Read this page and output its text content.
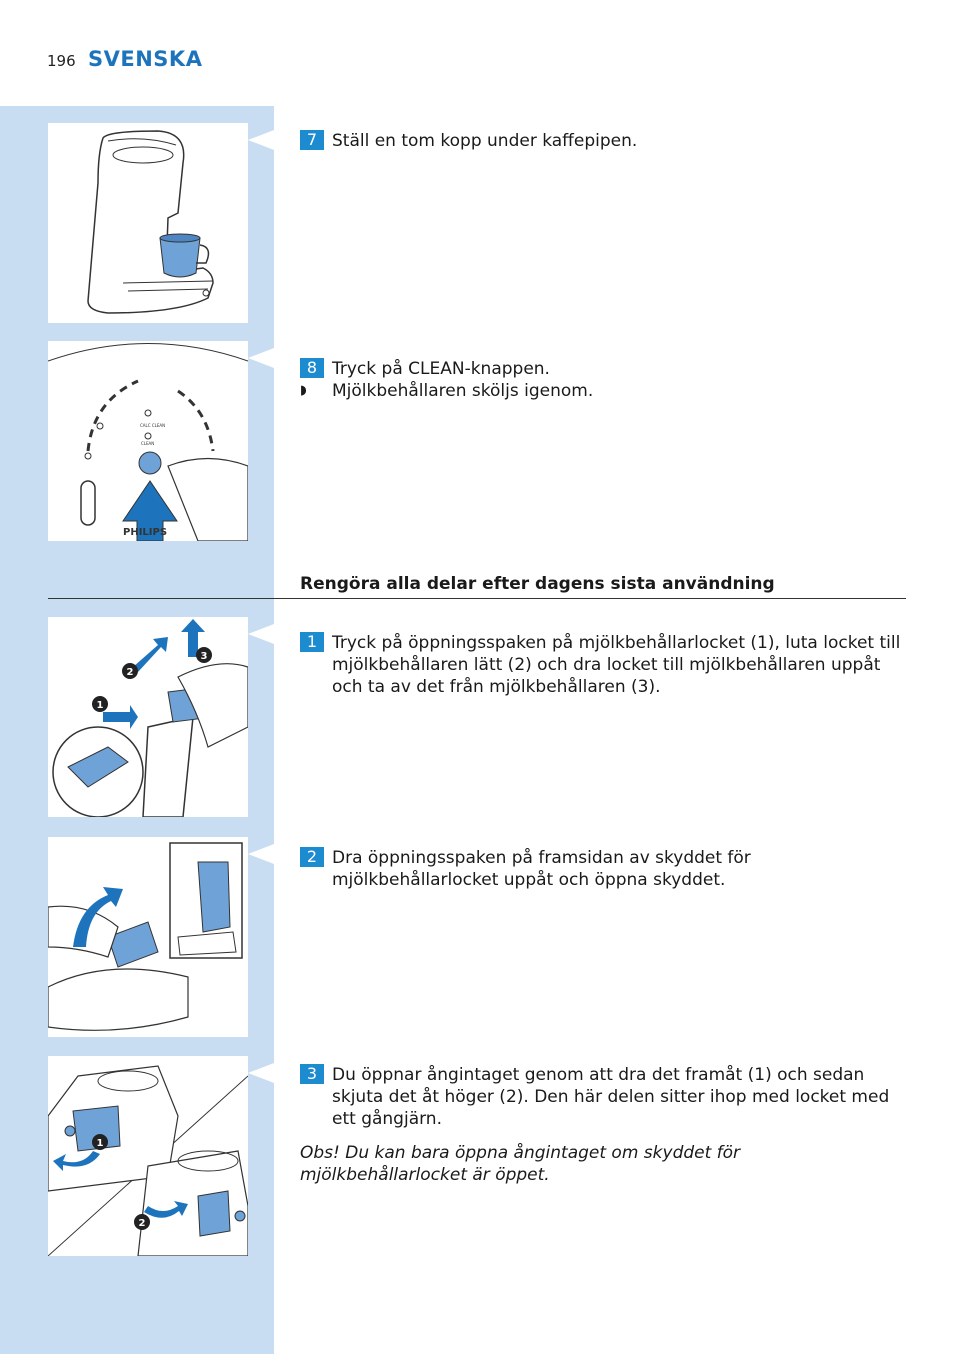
196 SVENSKA
CALC CLEAN
CLEAN
PHILIPS
7 Ställ en tom kopp under kaffepipen.
8 Tryck på CLEAN-knappen.
◗ Mjölkbehållaren sköljs igenom.
Rengöra alla delar efter dagens sista användning
1
2
3
1 Tryck på öppningsspaken på mjölkbehållarlocket (1), luta locket till mjölkbehållaren lätt (2) och dra locket till mjölkbehållaren uppåt och ta av det från mjölkbehållaren (3).
2 Dra öppningsspaken på framsidan av skyddet för mjölkbehållarlocket uppåt och öppna skyddet.
1
2
3 Du öppnar ångintaget genom att dra det framåt (1) och sedan skjuta det åt höger (2). Den här delen sitter ihop med locket med ett gångjärn.
Obs! Du kan bara öppna ångintaget om skyddet för mjölkbehållarlocket är öppet.
